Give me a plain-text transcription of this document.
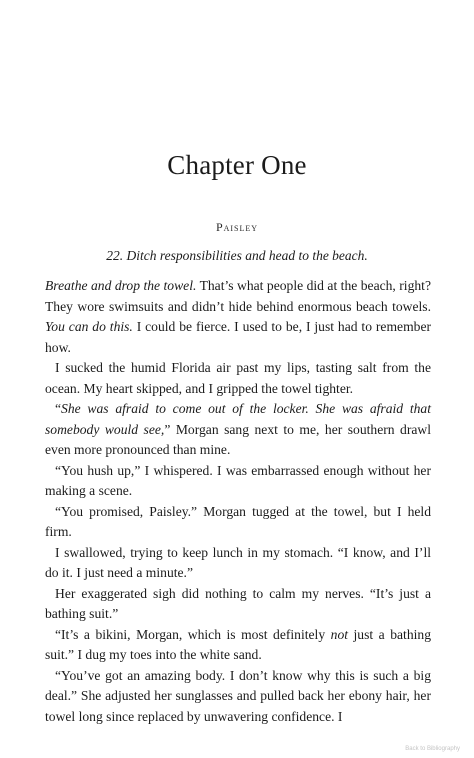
Chapter One
Paisley
22. Ditch responsibilities and head to the beach.

Breathe and drop the towel. That’s what people did at the beach, right? They wore swimsuits and didn’t hide behind enormous beach towels. You can do this. I could be fierce. I used to be, I just had to remember how.

I sucked the humid Florida air past my lips, tasting salt from the ocean. My heart skipped, and I gripped the towel tighter.

“She was afraid to come out of the locker. She was afraid that somebody would see,” Morgan sang next to me, her southern drawl even more pronounced than mine.

“You hush up,” I whispered. I was embarrassed enough without her making a scene.

“You promised, Paisley.” Morgan tugged at the towel, but I held firm.

I swallowed, trying to keep lunch in my stomach. “I know, and I’ll do it. I just need a minute.”

Her exaggerated sigh did nothing to calm my nerves. “It’s just a bathing suit.”

“It’s a bikini, Morgan, which is most definitely not just a bathing suit.” I dug my toes into the white sand.

“You’ve got an amazing body. I don’t know why this is such a big deal.” She adjusted her sunglasses and pulled back her ebony hair, her towel long since replaced by unwavering confidence. I

Back to Bibliography
